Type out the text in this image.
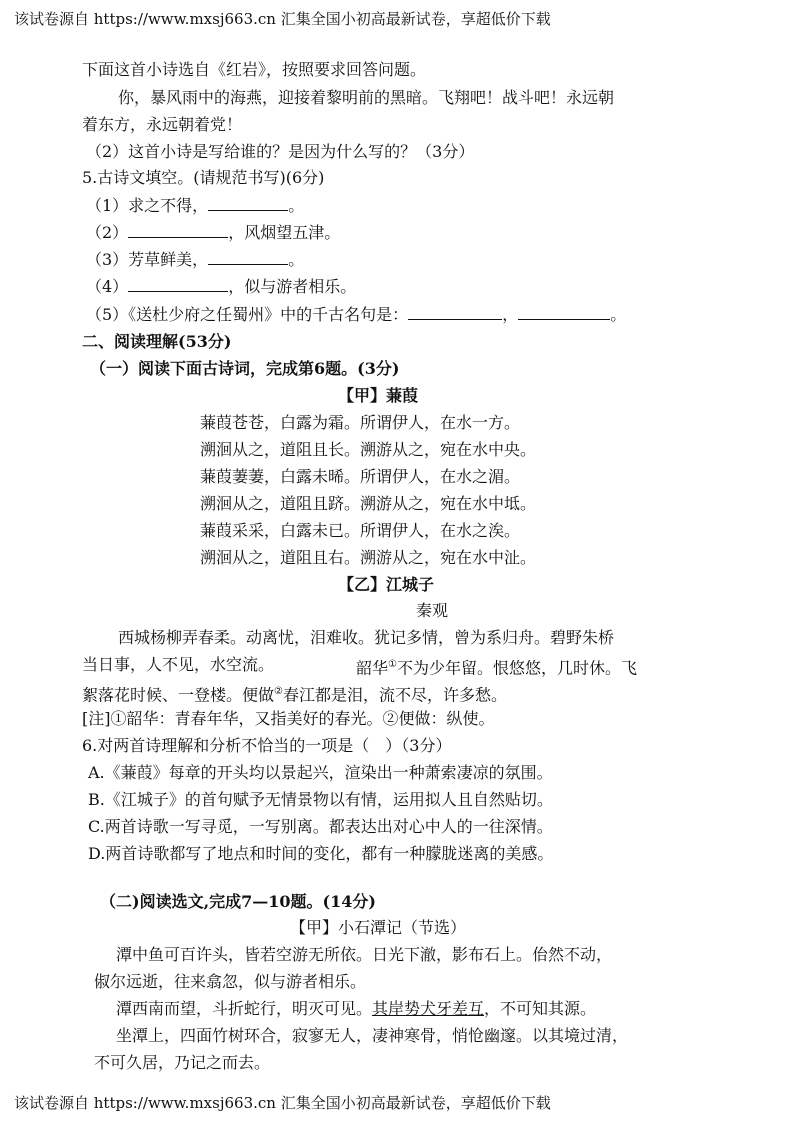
该试卷源自 https://www.mxsj663.cn 汇集全国小初高最新试卷，享超低价下载
下面这首小诗选自《红岩》，按照要求回答问题。
你，暴风雨中的海燕，迎接着黎明前的黑暗。飞翔吧！战斗吧！永远朝
着东方，永远朝着党！
（2）这首小诗是写给谁的？是因为什么写的？（3分）
5.古诗文填空。(请规范书写)(6分)
（1）求之不得，	。
（2）	，风烟望五津。
（3）芳草鲜美，	。
（4）	，似与游者相乐。
（5）《送杜少府之任蜀州》中的千古名句是：	，	。
二、阅读理解(53分)
（一）阅读下面古诗词，完成第6题。(3分)
【甲】蒹葭
蒹葭苍苍，白露为霜。所谓伊人，在水一方。
溯洄从之，道阻且长。溯游从之，宛在水中央。
蒹葭萋萋，白露未晞。所谓伊人，在水之湄。
溯洄从之，道阻且跻。溯游从之，宛在水中坻。
蒹葭采采，白露未已。所谓伊人，在水之涘。
溯洄从之，道阻且右。溯游从之，宛在水中沚。
【乙】江城子
秦观
西城杨柳弄春柔。动离忧，泪难收。犹记多情，曾为系归舟。碧野朱桥
当日事，人不见，水空流。	韶华①不为少年留。恨悠悠，几时休。飞
絮落花时候、一登楼。便做②春江都是泪，流不尽，许多愁。
[注]①韶华：青春年华，又指美好的春光。②便做：纵使。
6.对两首诗理解和分析不恰当的一项是（　）（3分）
A.《蒹葭》每章的开头均以景起兴，渲染出一种萧索凄凉的氛围。
B.《江城子》的首句赋予无情景物以有情，运用拟人且自然贴切。
C.两首诗歌一写寻觅，一写别离。都表达出对心中人的一往深情。
D.两首诗歌都写了地点和时间的变化，都有一种朦胧迷离的美感。
（二)阅读选文,完成7—10题。(14分)
【甲】小石潭记（节选）
潭中鱼可百许头，皆若空游无所依。日光下澈，影布石上。佁然不动，
俶尔远逝，往来翕忽，似与游者相乐。
潭西南而望，斗折蛇行，明灭可见。其岸势犬牙差互，不可知其源。
坐潭上，四面竹树环合，寂寥无人，凄神寒骨，悄怆幽邃。以其境过清，
不可久居，乃记之而去。
该试卷源自 https://www.mxsj663.cn 汇集全国小初高最新试卷，享超低价下载
